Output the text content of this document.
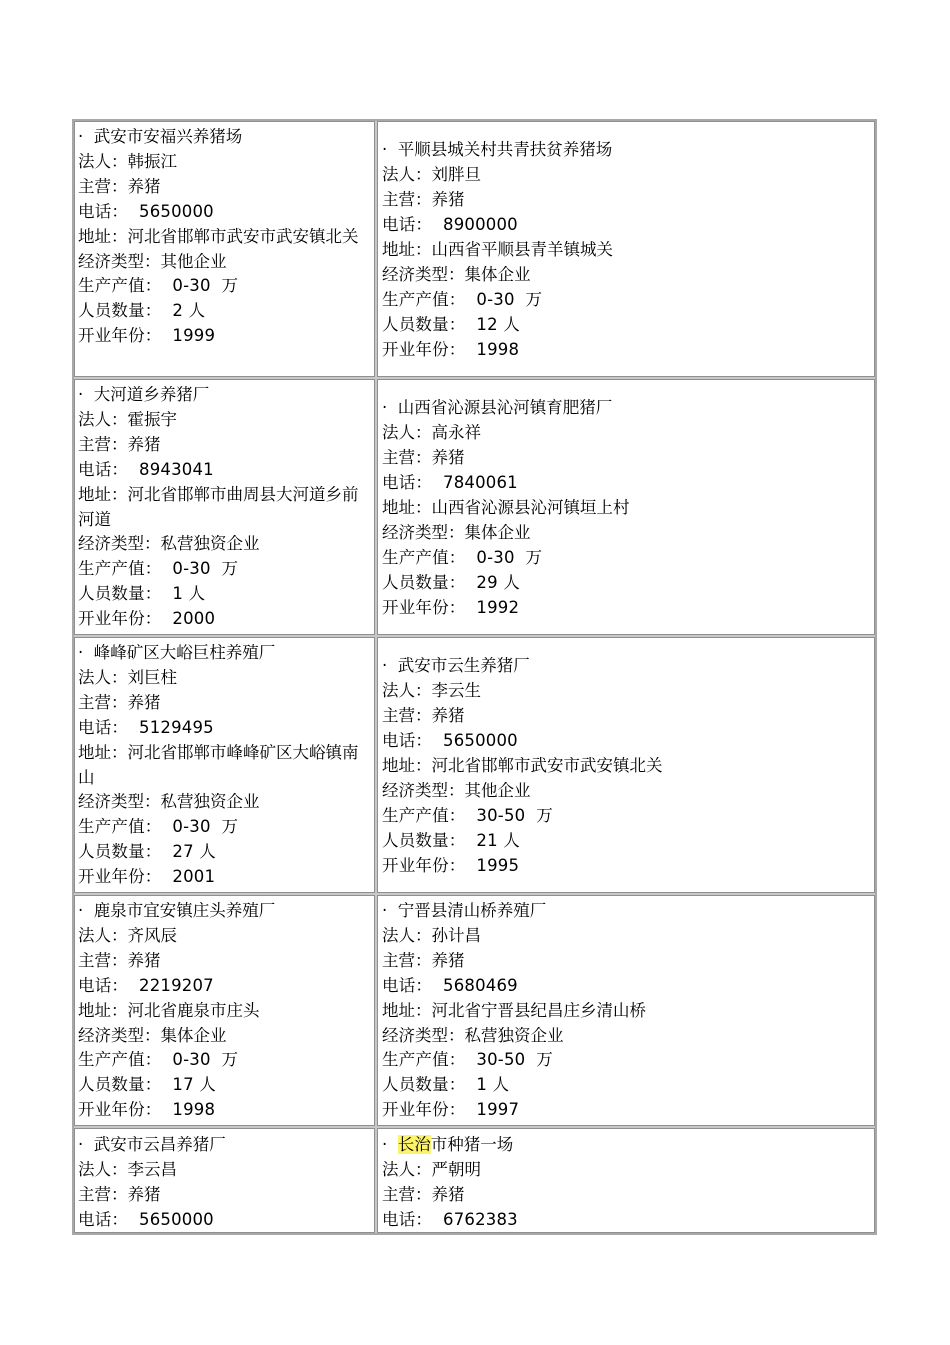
·  武安市安福兴养猪场
法人：韩振江
主营：养猪
电话：  5650000
地址：河北省邯郸市武安市武安镇北关
经济类型：其他企业
生产产值：  0-30  万
人员数量：  2 人
开业年份：  1999
·  平顺县城关村共青扶贫养猪场
法人：刘胖旦
主营：养猪
电话：  8900000
地址：山西省平顺县青羊镇城关
经济类型：集体企业
生产产值：  0-30  万
人员数量：  12 人
开业年份：  1998
·  大河道乡养猪厂
法人：霍振宇
主营：养猪
电话：  8943041
地址：河北省邯郸市曲周县大河道乡前河道
经济类型：私营独资企业
生产产值：  0-30  万
人员数量：  1 人
开业年份：  2000
·  山西省沁源县沁河镇育肥猪厂
法人：高永祥
主营：养猪
电话：  7840061
地址：山西省沁源县沁河镇垣上村
经济类型：集体企业
生产产值：  0-30  万
人员数量：  29 人
开业年份：  1992
·  峰峰矿区大峪巨柱养殖厂
法人：刘巨柱
主营：养猪
电话：  5129495
地址：河北省邯郸市峰峰矿区大峪镇南山
经济类型：私营独资企业
生产产值：  0-30  万
人员数量：  27 人
开业年份：  2001
·  武安市云生养猪厂
法人：李云生
主营：养猪
电话：  5650000
地址：河北省邯郸市武安市武安镇北关
经济类型：其他企业
生产产值：  30-50  万
人员数量：  21 人
开业年份：  1995
·  鹿泉市宜安镇庄头养殖厂
法人：齐风辰
主营：养猪
电话：  2219207
地址：河北省鹿泉市庄头
经济类型：集体企业
生产产值：  0-30  万
人员数量：  17 人
开业年份：  1998
·  宁晋县清山桥养殖厂
法人：孙计昌
主营：养猪
电话：  5680469
地址：河北省宁晋县纪昌庄乡清山桥
经济类型：私营独资企业
生产产值：  30-50  万
人员数量：  1 人
开业年份：  1997
·  武安市云昌养猪厂
法人：李云昌
主营：养猪
电话：  5650000
·  长治市种猪一场
法人：严朝明
主营：养猪
电话：  6762383
